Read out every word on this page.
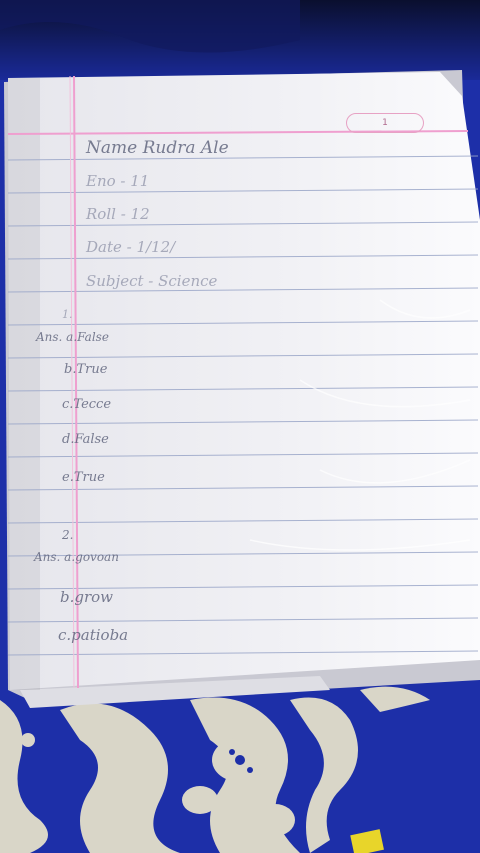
1
Name Rudra Ale
Eno - 11
Roll - 12
Date - 1/12/
Subject - Science
1.
Ans. a.False
b.True
c.Tecce
d.False
e.True
2.
Ans. a.govoan
b.grow
c.patioba
